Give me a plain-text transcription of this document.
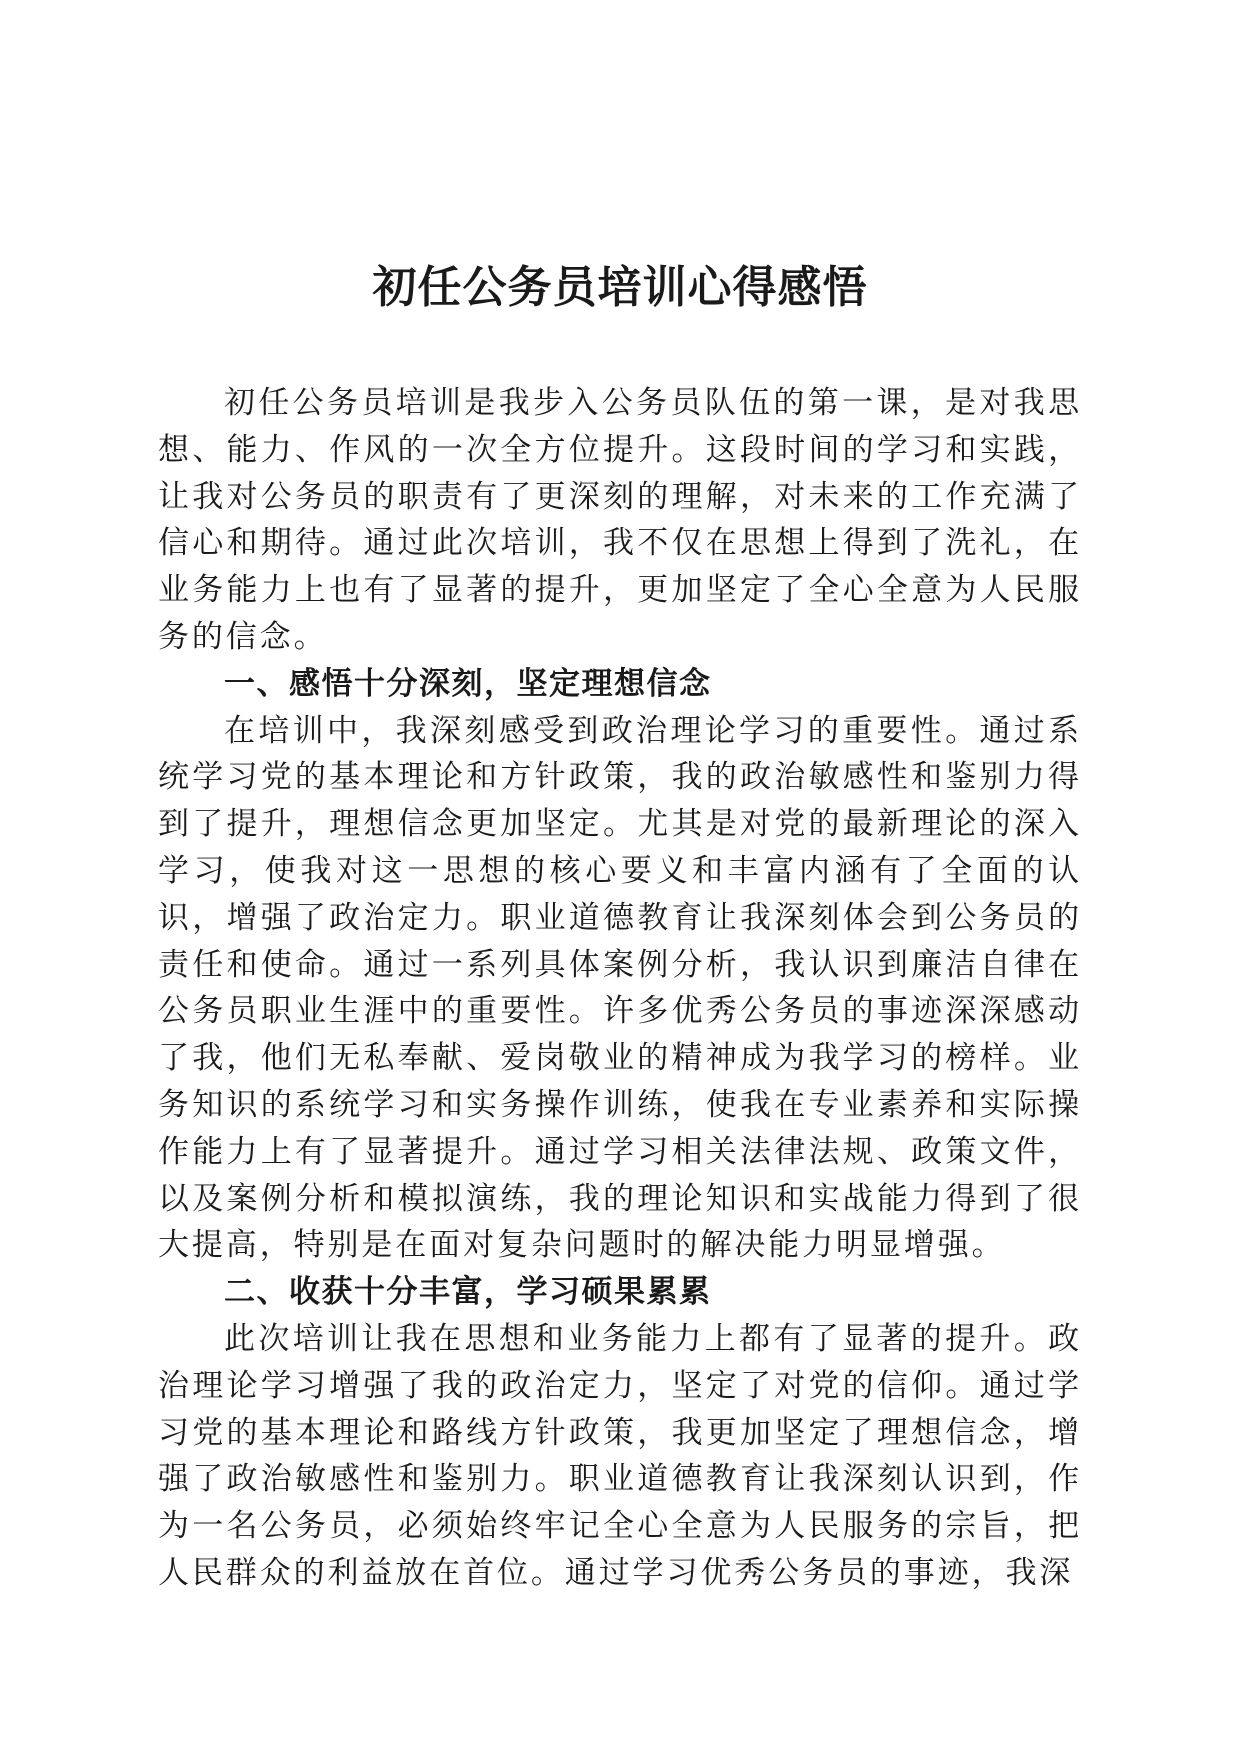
初任公务员培训心得感悟

初任公务员培训是我步入公务员队伍的第一课，是对我思想、能力、作风的一次全方位提升。这段时间的学习和实践，让我对公务员的职责有了更深刻的理解，对未来的工作充满了信心和期待。通过此次培训，我不仅在思想上得到了洗礼，在业务能力上也有了显著的提升，更加坚定了全心全意为人民服务的信念。

一、感悟十分深刻，坚定理想信念

在培训中，我深刻感受到政治理论学习的重要性。通过系统学习党的基本理论和方针政策，我的政治敏感性和鉴别力得到了提升，理想信念更加坚定。尤其是对党的最新理论的深入学习，使我对这一思想的核心要义和丰富内涵有了全面的认识，增强了政治定力。职业道德教育让我深刻体会到公务员的责任和使命。通过一系列具体案例分析，我认识到廉洁自律在公务员职业生涯中的重要性。许多优秀公务员的事迹深深感动了我，他们无私奉献、爱岗敬业的精神成为我学习的榜样。业务知识的系统学习和实务操作训练，使我在专业素养和实际操作能力上有了显著提升。通过学习相关法律法规、政策文件，以及案例分析和模拟演练，我的理论知识和实战能力得到了很大提高，特别是在面对复杂问题时的解决能力明显增强。

二、收获十分丰富，学习硕果累累

此次培训让我在思想和业务能力上都有了显著的提升。政治理论学习增强了我的政治定力，坚定了对党的信仰。通过学习党的基本理论和路线方针政策，我更加坚定了理想信念，增强了政治敏感性和鉴别力。职业道德教育让我深刻认识到，作为一名公务员，必须始终牢记全心全意为人民服务的宗旨，把人民群众的利益放在首位。通过学习优秀公务员的事迹，我深
